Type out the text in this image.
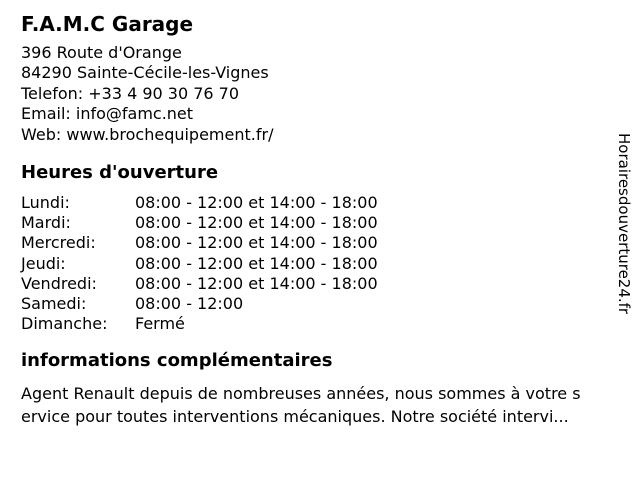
F.A.M.C Garage
396 Route d'Orange
84290 Sainte-Cécile-les-Vignes
Telefon: +33 4 90 30 76 70
Email: info@famc.net
Web: www.brochequipement.fr/
Heures d'ouverture
Lundi:	08:00 - 12:00 et 14:00 - 18:00
Mardi:	08:00 - 12:00 et 14:00 - 18:00
Mercredi:	08:00 - 12:00 et 14:00 - 18:00
Jeudi:	08:00 - 12:00 et 14:00 - 18:00
Vendredi:	08:00 - 12:00 et 14:00 - 18:00
Samedi:	08:00 - 12:00
Dimanche:	Fermé
informations complémentaires
Agent Renault depuis de nombreuses années, nous sommes à votre s
ervice pour toutes interventions mécaniques. Notre société intervi...
Horairesdouverture24.fr
